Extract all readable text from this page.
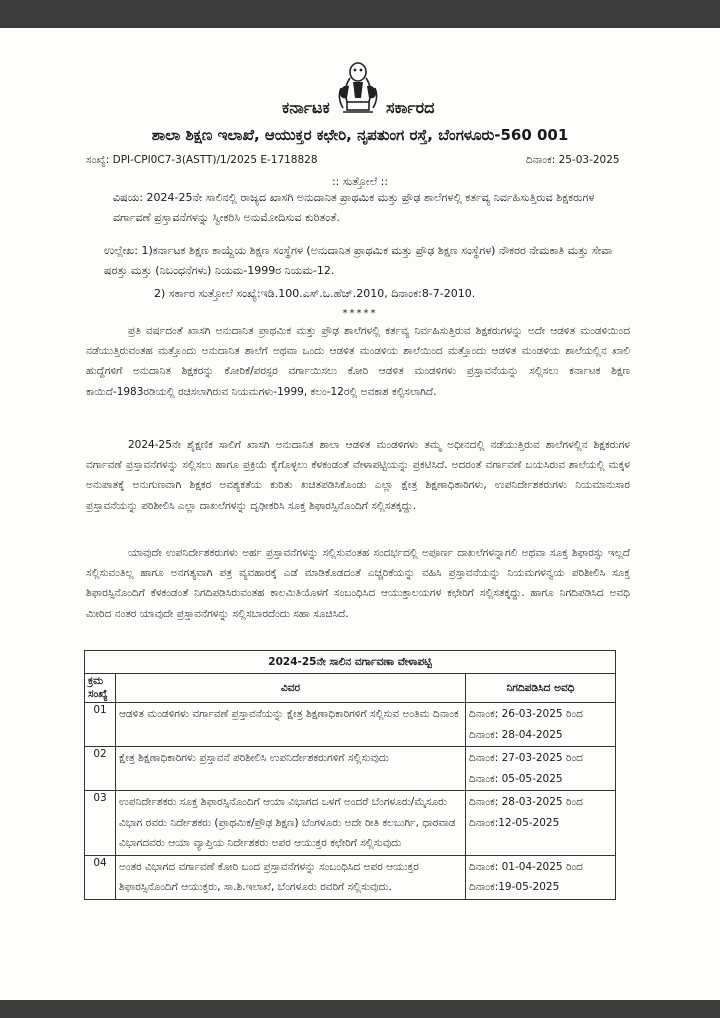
ಕರ್ನಾಟಕ	ಸರ್ಕಾರದ
ಶಾಲಾ ಶಿಕ್ಷಣ ಇಲಾಖೆ, ಆಯುಕ್ತರ ಕಛೇರಿ, ನೃಪತುಂಗ ರಸ್ತೆ, ಬೆಂಗಳೂರು-560 001
ಸಂಖ್ಯೆ: DPI-CPI0C7-3(ASTT)/1/2025 E-1718828	ದಿನಾಂಕ: 25-03-2025
:: ಸುತ್ತೋಲೆ ::
ವಿಷಯ: 2024-25ನೇ ಸಾಲಿನಲ್ಲಿ ರಾಜ್ಯದ ಖಾಸಗಿ ಅನುದಾನಿತ ಪ್ರಾಥಮಿಕ ಮತ್ತು ಪ್ರೌಢ ಶಾಲೆಗಳಲ್ಲಿ ಕರ್ತವ್ಯ ನಿರ್ವಹಿಸುತ್ತಿರುವ ಶಿಕ್ಷಕರುಗಳ ವರ್ಗಾವಣೆ ಪ್ರಸ್ತಾವನೆಗಳನ್ನು ಸ್ವೀಕರಿಸಿ ಅನುಮೋದಿಸುವ ಕುರಿತಂತೆ.
ಉಲ್ಲೇಖ: 1)ಕರ್ನಾಟಕ ಶಿಕ್ಷಣ ಕಾಯ್ದೆಯ ಶಿಕ್ಷಣ ಸಂಸ್ಥೆಗಳ (ಅನುದಾನಿತ ಪ್ರಾಥಮಿಕ ಮತ್ತು ಪ್ರೌಢ ಶಿಕ್ಷಣ ಸಂಸ್ಥೆಗಳ) ನೌಕರರ ನೇಮಕಾತಿ ಮತ್ತು ಸೇವಾ ಷರತ್ತು ಮತ್ತು (ನಿಬಂಧನೆಗಳು) ನಿಯಮ-1999ರ ನಿಯಮ-12.
2) ಸರ್ಕಾರ ಸುತ್ತೋಲೆ ಸಂಖ್ಯೆ:ಇಡಿ.100.ಎಸ್.ಒ.ಹೆಚ್.2010, ದಿನಾಂಕ:8-7-2010.
*****
ಪ್ರತಿ ವರ್ಷದಂತೆ ಖಾಸಗಿ ಅನುದಾನಿತ ಪ್ರಾಥಮಿಕ ಮತ್ತು ಪ್ರೌಢ ಶಾಲೆಗಳಲ್ಲಿ ಕರ್ತವ್ಯ ನಿರ್ವಹಿಸುತ್ತಿರುವ ಶಿಕ್ಷಕರುಗಳನ್ನು ಅದೇ ಆಡಳಿತ ಮಂಡಳಿಯಿಂದ ನಡೆಯುತ್ತಿರುವಂತಹ ಮತ್ತೊಂದು ಅನುದಾನಿತ ಶಾಲೆಗೆ ಅಥವಾ ಒಂದು ಆಡಳಿತ ಮಂಡಳಿಯ ಶಾಲೆಯಿಂದ ಮತ್ತೊಂದು ಆಡಳಿತ ಮಂಡಳಿಯ ಶಾಲೆಯಲ್ಲಿನ ಖಾಲಿ ಹುದ್ದೆಗಳಿಗೆ ಅನುದಾನಿತ ಶಿಕ್ಷಕರನ್ನು ಕೋರಿಕೆ/ಪರಸ್ಪರ ವರ್ಗಾಯಿಸಲು ಕೋರಿ ಆಡಳಿತ ಮಂಡಳಿಗಳು ಪ್ರಸ್ತಾವನೆಯನ್ನು ಸಲ್ಲಿಸಲು ಕರ್ನಾಟಕ ಶಿಕ್ಷಣ ಕಾಯಿದೆ-1983ರಡಿಯಲ್ಲಿ ರಚಿಸಲಾಗಿರುವ ನಿಯಮಗಳು-1999, ಕಲಂ-12ರಲ್ಲಿ ಅವಕಾಶ ಕಲ್ಪಿಸಲಾಗಿದೆ.
2024-25ನೇ ಶೈಕ್ಷಣಿಕ ಸಾಲಿಗೆ ಖಾಸಗಿ ಅನುದಾನಿತ ಶಾಲಾ ಆಡಳಿತ ಮಂಡಳಿಗಳು ತಮ್ಮ ಅಧೀನದಲ್ಲಿ ನಡೆಯುತ್ತಿರುವ ಶಾಲೆಗಳಲ್ಲಿನ ಶಿಕ್ಷಕರುಗಳ ವರ್ಗಾವಣೆ ಪ್ರಸ್ತಾವನೆಗಳನ್ನು ಸಲ್ಲಿಸಲು ಹಾಗೂ ಪ್ರಕ್ರಿಯೆ ಕೈಗೊಳ್ಳಲು ಕೆಳಕಂಡಂತೆ ವೇಳಾಪಟ್ಟಿಯನ್ನು ಪ್ರಕಟಿಸಿದೆ. ಅದರಂತೆ ವರ್ಗಾವಣೆ ಬಯಸಿರುವ ಶಾಲೆಯಲ್ಲಿ ಮಕ್ಕಳ ಅನುಪಾತಕ್ಕೆ ಅನುಗುಣವಾಗಿ ಶಿಕ್ಷಕರ ಅವಶ್ಯಕತೆಯ ಕುರಿತು ಖಚಿತಪಡಿಸಿಕೊಂಡು ಎಲ್ಲಾ ಕ್ಷೇತ್ರ ಶಿಕ್ಷಣಾಧಿಕಾರಿಗಳು, ಉಪನಿರ್ದೇಶಕರುಗಳು ನಿಯಮಾನುಸಾರ ಪ್ರಸ್ತಾವನೆಯನ್ನು ಪರಿಶೀಲಿಸಿ ಎಲ್ಲಾ ದಾಖಲೆಗಳನ್ನು ದೃಢೀಕರಿಸಿ ಸೂಕ್ತ ಶಿಫಾರಸ್ಸಿನೊಂದಿಗೆ ಸಲ್ಲಿಸತಕ್ಕದ್ದು.
ಯಾವುದೇ ಉಪನಿರ್ದೇಶಕರುಗಳು ಅರ್ಹ ಪ್ರಸ್ತಾವನೆಗಳನ್ನು ಸಲ್ಲಿಸುವಂತಹ ಸಂದರ್ಭದಲ್ಲಿ ಅಪೂರ್ಣ ದಾಖಲೆಗಳನ್ನಾಗಲಿ ಅಥವಾ ಸೂಕ್ತ ಶಿಫಾರಸ್ಸು ಇಲ್ಲದೆ ಸಲ್ಲಿಸುವಂತಿಲ್ಲ ಹಾಗೂ ಅನಗತ್ಯವಾಗಿ ಪತ್ರ ವ್ಯವಹಾರಕ್ಕೆ ಎಡೆ ಮಾಡಿಕೊಡದಂತೆ ಎಚ್ಚರಿಕೆಯನ್ನು ವಹಿಸಿ ಪ್ರಸ್ತಾವನೆಯನ್ನು ನಿಯಮಗಳನ್ವಯ ಪರಿಶೀಲಿಸಿ ಸೂಕ್ತ ಶಿಫಾರಸ್ಸಿನೊಂದಿಗೆ ಕೆಳಕಂಡಂತೆ ನಿಗದಿಪಡಿಸಿರುವಂತಹ ಕಾಲಮಿತಿಯೊಳಗೆ ಸಂಬಂಧಿಸಿದ ಆಯುಕ್ತಾಲಯಗಳ ಕಛೇರಿಗೆ ಸಲ್ಲಿಸತಕ್ಕದ್ದು. ಹಾಗೂ ನಿಗದಿಪಡಿಸಿದ ಅವಧಿ ಮೀರಿದ ನಂತರ ಯಾವುದೇ ಪ್ರಸ್ತಾವನೆಗಳನ್ನು ಸಲ್ಲಿಸಬಾರದೆಂದು ಸಹಾ ಸೂಚಿಸಿದೆ.
2024-25ನೇ ಸಾಲಿನ ವರ್ಗಾವಣಾ ವೇಳಾಪಟ್ಟಿ		
ಕ್ರಮ ಸಂಖ್ಯೆ	ವಿವರ	ನಿಗದಿಪಡಿಸಿದ ಅವಧಿ
01	ಆಡಳಿತ ಮಂಡಳಿಗಳು ವರ್ಗಾವಣೆ ಪ್ರಸ್ತಾವನೆಯನ್ನು ಕ್ಷೇತ್ರ ಶಿಕ್ಷಣಾಧಿಕಾರಿಗಳಿಗೆ ಸಲ್ಲಿಸುವ ಅಂತಿಮ ದಿನಾಂಕ	ದಿನಾಂಕ: 26-03-2025 ರಿಂದ
ದಿನಾಂಕ: 28-04-2025

02	ಕ್ಷೇತ್ರ ಶಿಕ್ಷಣಾಧಿಕಾರಿಗಳು ಪ್ರಸ್ತಾವನೆ ಪರಿಶೀಲಿಸಿ ಉಪನಿರ್ದೇಶಕರುಗಳಿಗೆ ಸಲ್ಲಿಸುವುದು	ದಿನಾಂಕ: 27-03-2025 ರಿಂದ
ದಿನಾಂಕ: 05-05-2025

03	ಉಪನಿರ್ದೇಶಕರು ಸೂಕ್ತ ಶಿಫಾರಸ್ಸಿನೊಂದಿಗೆ ಆಯಾ ವಿಭಾಗದ ಒಳಗೆ ಅಂದರೆ ಬೆಂಗಳೂರು/ಮೈಸೂರು ವಿಭಾಗ ರವರು ನಿರ್ದೇಶಕರು (ಪ್ರಾಥಮಿಕ/ಪ್ರೌಢ ಶಿಕ್ಷಣ) ಬೆಂಗಳೂರು ಅದೇ ರೀತಿ ಕಲಬುರ್ಗಿ, ಧಾರವಾಡ ವಿಭಾಗದವರು ಆಯಾ ವ್ಯಾಪ್ತಿಯ ನಿರ್ದೇಶಕರು ಅಪರ ಆಯುಕ್ತರ ಕಛೇರಿಗೆ ಸಲ್ಲಿಸುವುದು	ದಿನಾಂಕ: 28-03-2025 ರಿಂದ
ದಿನಾಂಕ:12-05-2025

04	ಅಂತರ ವಿಭಾಗದ ವರ್ಗಾವಣೆ ಕೋರಿ ಬಂದ ಪ್ರಸ್ತಾವನೆಗಳನ್ನು ಸಂಬಂಧಿಸಿದ ಅಪರ ಆಯುಕ್ತರ ಶಿಫಾರಸ್ಸಿನೊಂದಿಗೆ ಆಯುಕ್ತರು, ಸಾ.ಶಿ.ಇಲಾಖೆ, ಬೆಂಗಳೂರು ರವರಿಗೆ ಸಲ್ಲಿಸುವುದು.	ದಿನಾಂಕ: 01-04-2025 ರಿಂದ
ದಿನಾಂಕ:19-05-2025
